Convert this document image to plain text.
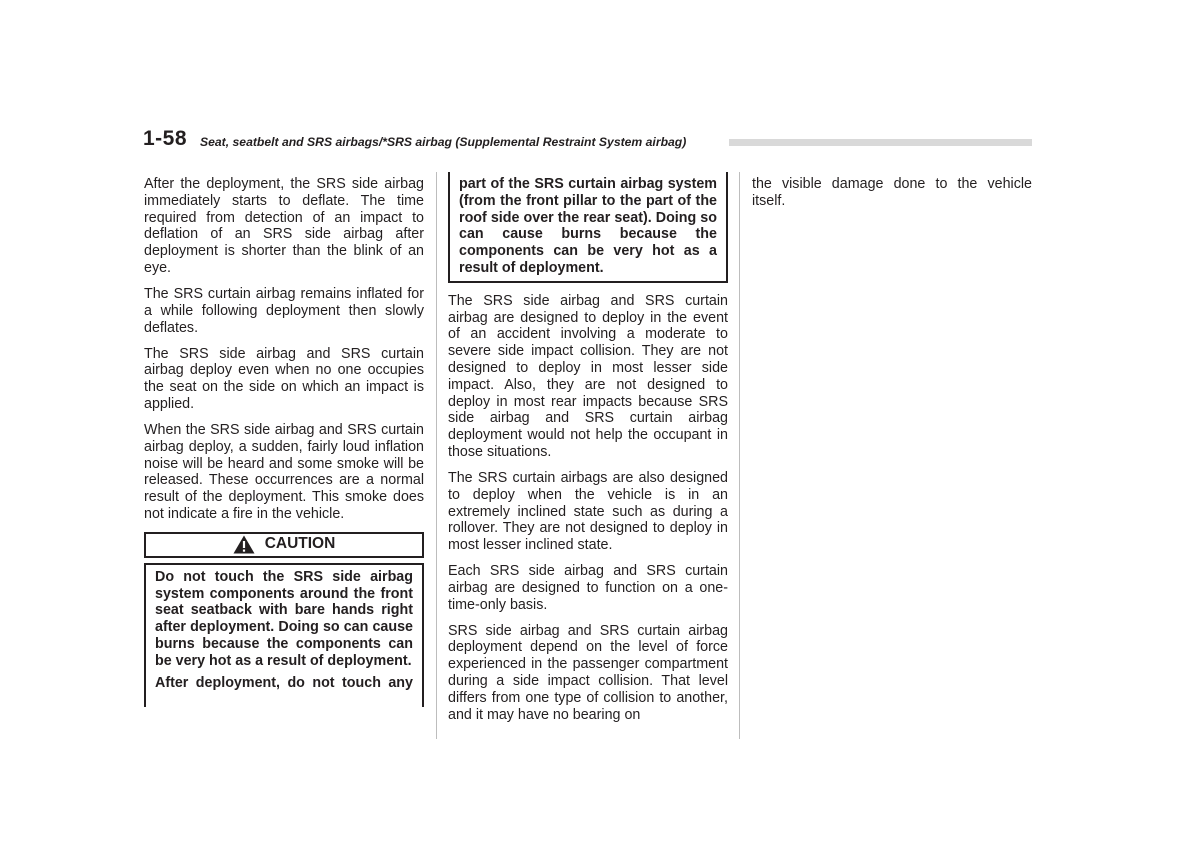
1-58 Seat, seatbelt and SRS airbags/*SRS airbag (Supplemental Restraint System airbag)

After the deployment, the SRS side airbag immediately starts to deflate. The time required from detection of an impact to deflation of an SRS side airbag after deployment is shorter than the blink of an eye.

The SRS curtain airbag remains inflated for a while following deployment then slowly deflates.

The SRS side airbag and SRS curtain airbag deploy even when no one occupies the seat on the side on which an impact is applied.

When the SRS side airbag and SRS curtain airbag deploy, a sudden, fairly loud inflation noise will be heard and some smoke will be released. These occurrences are a normal result of the deployment. This smoke does not indicate a fire in the vehicle.

CAUTION

Do not touch the SRS side airbag system components around the front seat seatback with bare hands right after deployment. Doing so can cause burns because the components can be very hot as a result of deployment.

After deployment, do not touch any

part of the SRS curtain airbag system (from the front pillar to the part of the roof side over the rear seat). Doing so can cause burns because the components can be very hot as a result of deployment.

The SRS side airbag and SRS curtain airbag are designed to deploy in the event of an accident involving a moderate to severe side impact collision. They are not designed to deploy in most lesser side impact. Also, they are not designed to deploy in most rear impacts because SRS side airbag and SRS curtain airbag deployment would not help the occupant in those situations.

The SRS curtain airbags are also designed to deploy when the vehicle is in an extremely inclined state such as during a rollover. They are not designed to deploy in most lesser inclined state.

Each SRS side airbag and SRS curtain airbag are designed to function on a one-time-only basis.

SRS side airbag and SRS curtain airbag deployment depend on the level of force experienced in the passenger compartment during a side impact collision. That level differs from one type of collision to another, and it may have no bearing on

the visible damage done to the vehicle itself.
